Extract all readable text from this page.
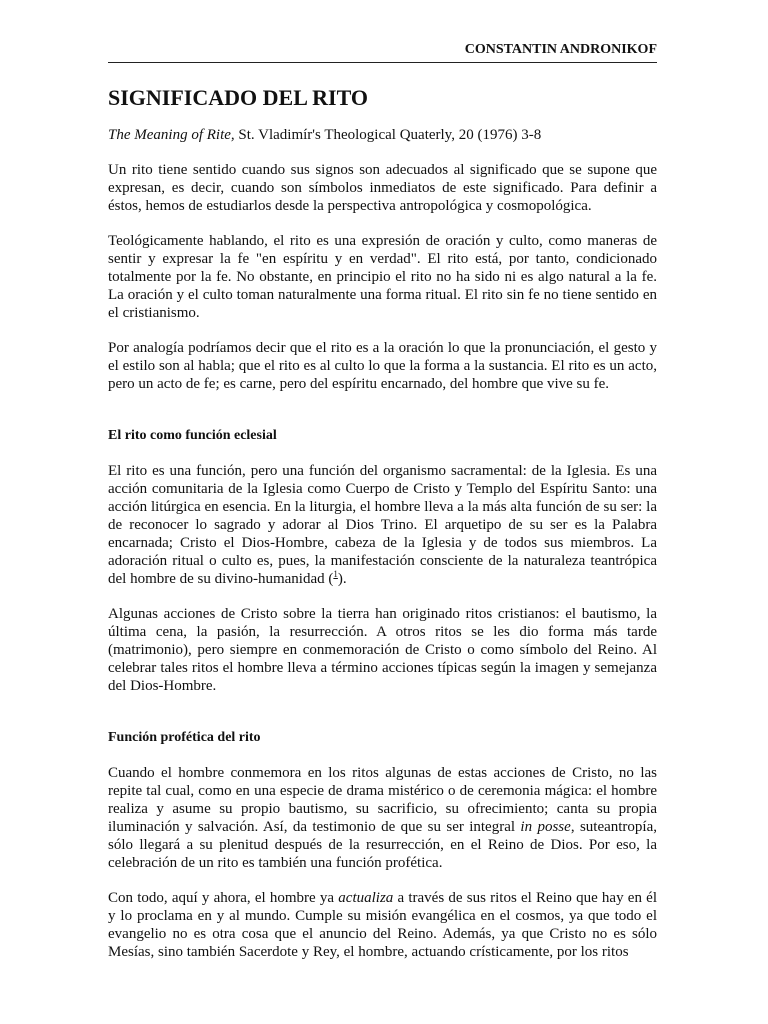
CONSTANTIN ANDRONIKOF
SIGNIFICADO DEL RITO

The Meaning of Rite, St. Vladimír's Theological Quaterly, 20 (1976) 3-8

Un rito tiene sentido cuando sus signos son adecuados al significado que se supone que expresan, es decir, cuando son símbolos inmediatos de este significado. Para definir a éstos, hemos de estudiarlos desde la perspectiva antropológica y cosmopológica.

Teológicamente hablando, el rito es una expresión de oración y culto, como maneras de sentir y expresar la fe "en espíritu y en verdad". El rito está, por tanto, condicionado totalmente por la fe. No obstante, en principio el rito no ha sido ni es algo natural a la fe. La oración y el culto toman naturalmente una forma ritual. El rito sin fe no tiene sentido en el cristianismo.

Por analogía podríamos decir que el rito es a la oración lo que la pronunciación, el gesto y el estilo son al habla; que el rito es al culto lo que la forma a la sustancia. El rito es un acto, pero un acto de fe; es carne, pero del espíritu encarnado, del hombre que vive su fe.

El rito como función eclesial

El rito es una función, pero una función del organismo sacramental: de la Iglesia. Es una acción comunitaria de la Iglesia como Cuerpo de Cristo y Templo del Espíritu Santo: una acción litúrgica en esencia. En la liturgia, el hombre lleva a la más alta función de su ser: la de reconocer lo sagrado y adorar al Dios Trino. El arquetipo de su ser es la Palabra encarnada; Cristo el Dios-Hombre, cabeza de la Iglesia y de todos sus miembros. La adoración ritual o culto es, pues, la manifestación consciente de la naturaleza teantrópica del hombre de su divino-humanidad ($^1$).

Algunas acciones de Cristo sobre la tierra han originado ritos cristianos: el bautismo, la última cena, la pasión, la resurrección. A otros ritos se les dio forma más tarde (matrimonio), pero siempre en conmemoración de Cristo o como símbolo del Reino. Al celebrar tales ritos el hombre lleva a término acciones típicas según la imagen y semejanza del Dios-Hombre.

Función profética del rito

Cuando el hombre conmemora en los ritos algunas de estas acciones de Cristo, no las repite tal cual, como en una especie de drama mistérico o de ceremonia mágica: el hombre realiza y asume su propio bautismo, su sacrificio, su ofrecimiento; canta su propia iluminación y salvación. Así, da testimonio de que su ser integral in posse, suteantropía, sólo llegará a su plenitud después de la resurrección, en el Reino de Dios. Por eso, la celebración de un rito es también una función profética.

Con todo, aquí y ahora, el hombre ya actualiza a través de sus ritos el Reino que hay en él y lo proclama en y al mundo. Cumple su misión evangélica en el cosmos, ya que todo el evangelio no es otra cosa que el anuncio del Reino. Además, ya que Cristo no es sólo Mesías, sino también Sacerdote y Rey, el hombre, actuando crísticamente, por los ritos
